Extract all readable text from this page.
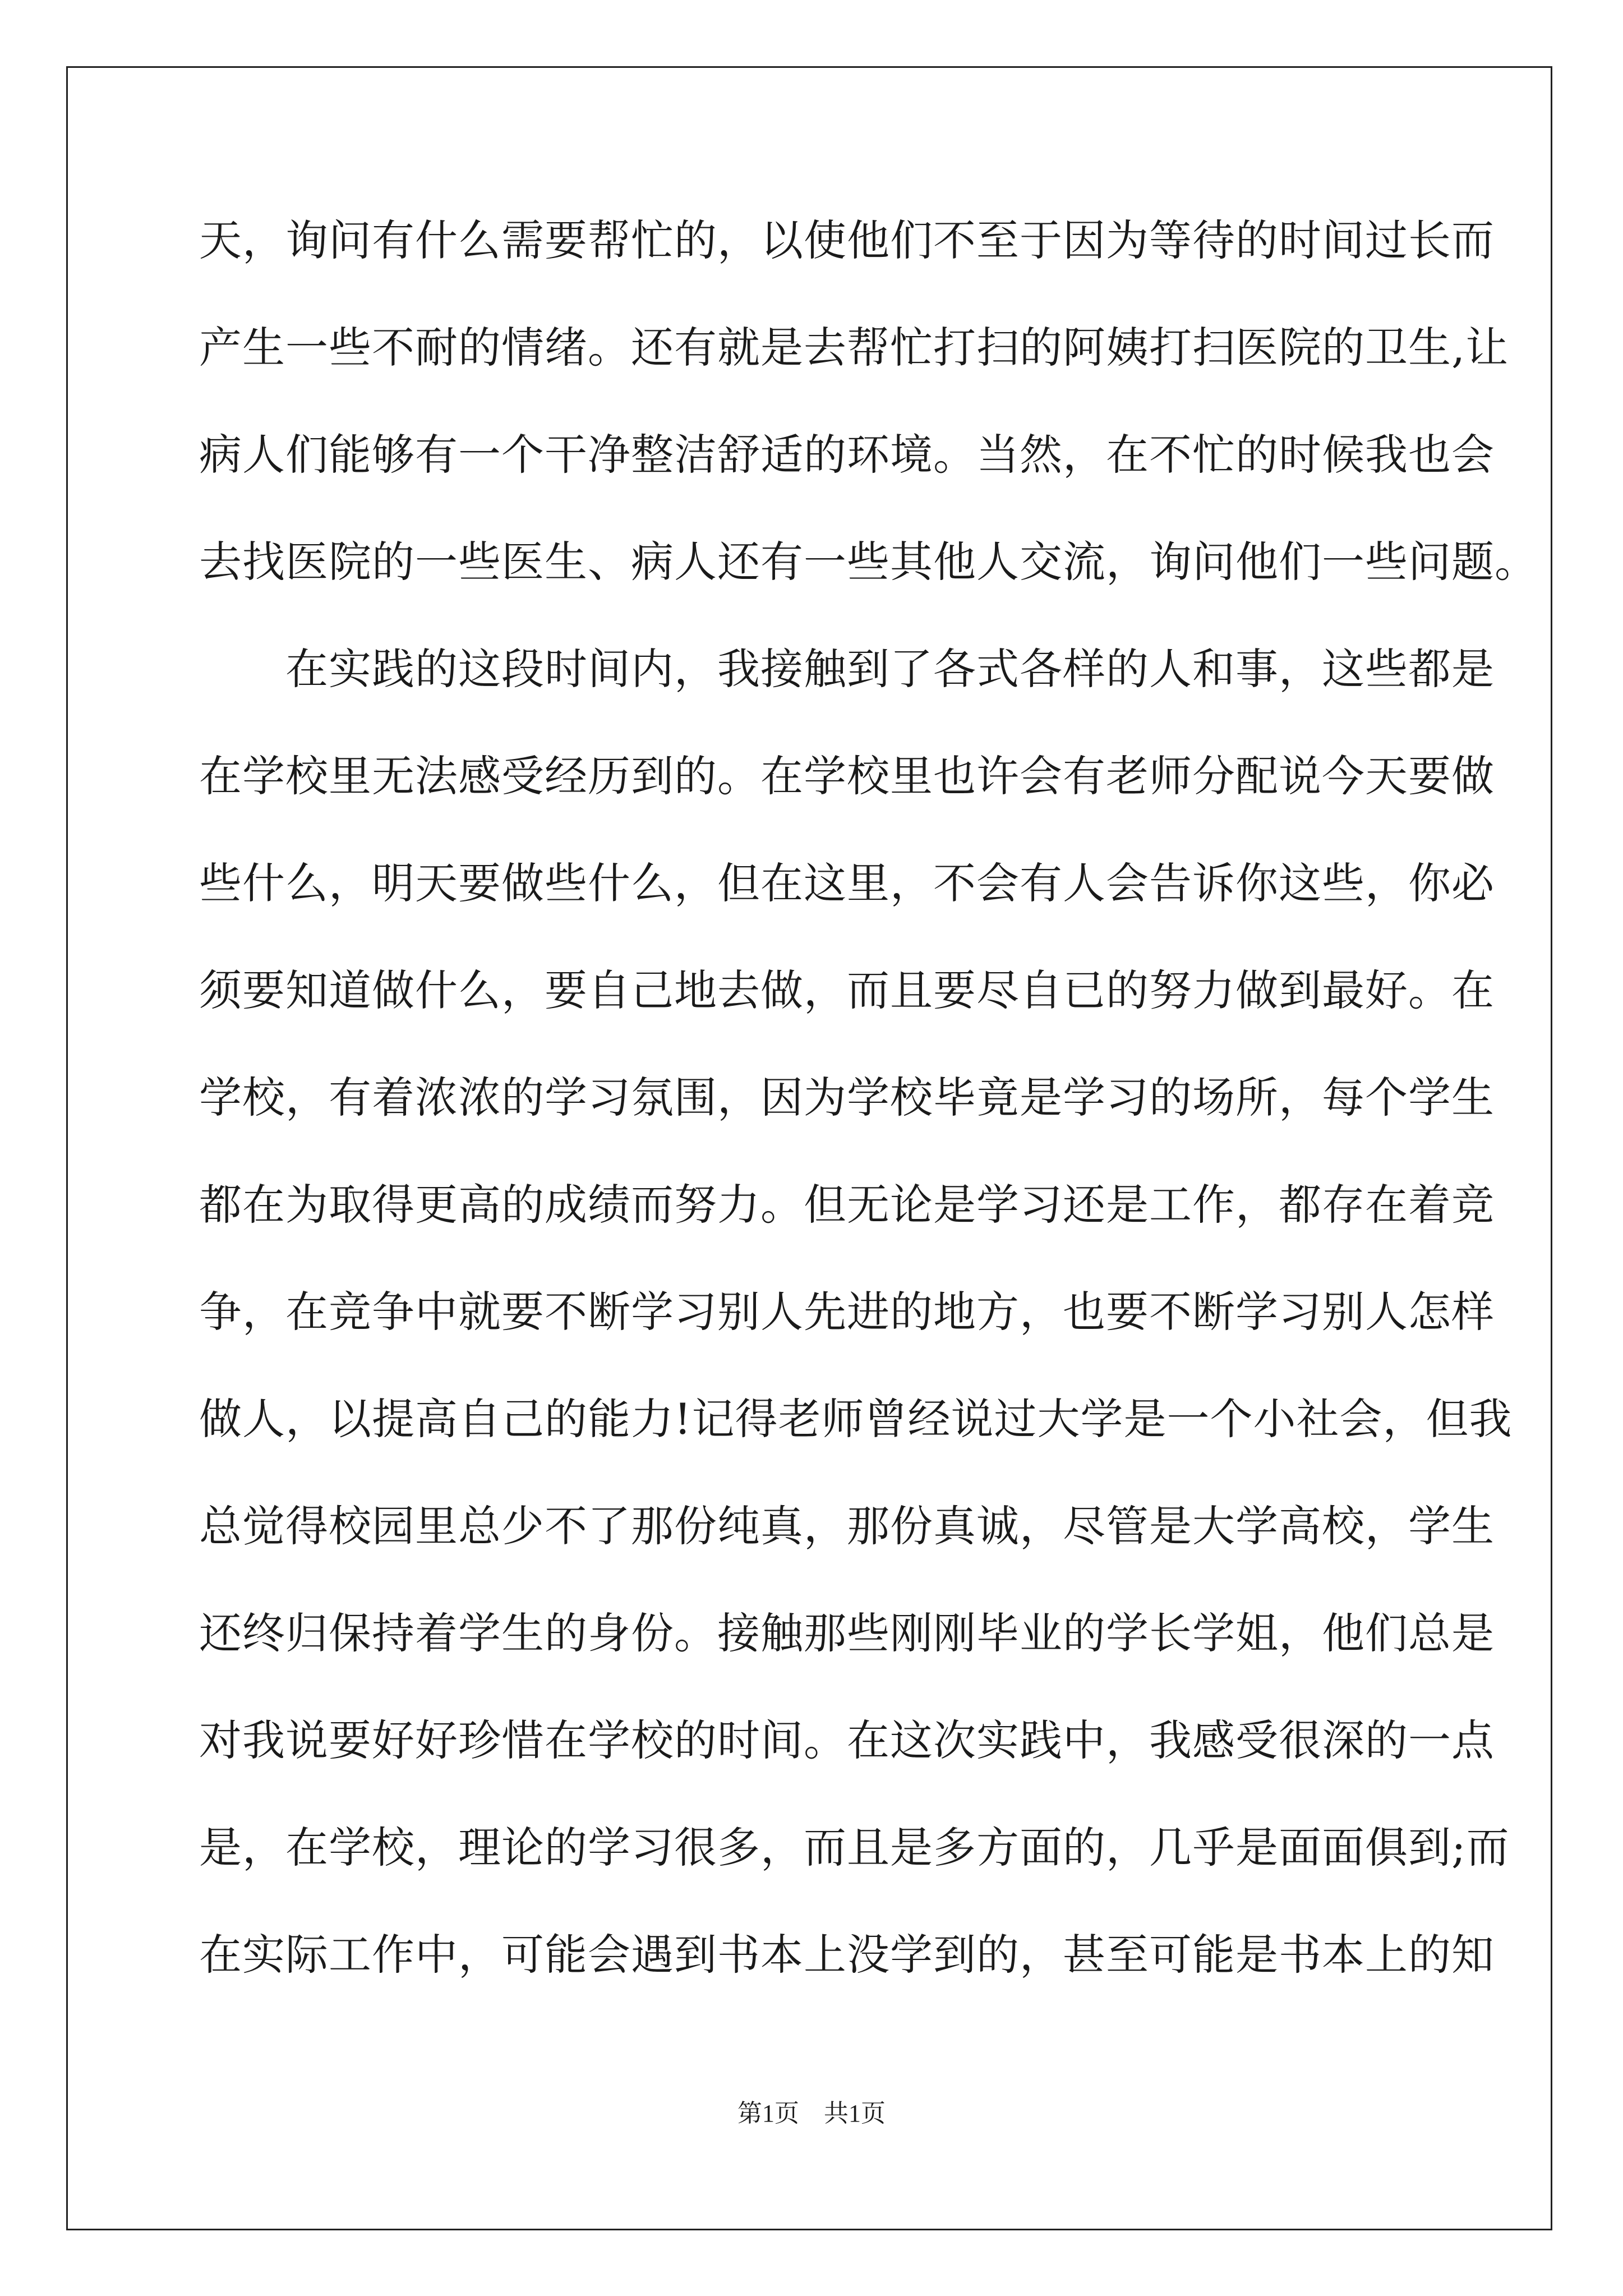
天，询问有什么需要帮忙的，以使他们不至于因为等待的时间过长而
产生一些不耐的情绪。还有就是去帮忙打扫的阿姨打扫医院的卫生,让
病人们能够有一个干净整洁舒适的环境。当然，在不忙的时候我也会
去找医院的一些医生、病人还有一些其他人交流，询问他们一些问题。
　　在实践的这段时间内，我接触到了各式各样的人和事，这些都是
在学校里无法感受经历到的。在学校里也许会有老师分配说今天要做
些什么，明天要做些什么，但在这里，不会有人会告诉你这些，你必
须要知道做什么，要自己地去做，而且要尽自已的努力做到最好。在
学校，有着浓浓的学习氛围，因为学校毕竟是学习的场所，每个学生
都在为取得更高的成绩而努力。但无论是学习还是工作，都存在着竞
争，在竞争中就要不断学习别人先进的地方，也要不断学习别人怎样
做人，以提高自己的能力!记得老师曾经说过大学是一个小社会，但我
总觉得校园里总少不了那份纯真，那份真诚，尽管是大学高校，学生
还终归保持着学生的身份。接触那些刚刚毕业的学长学姐，他们总是
对我说要好好珍惜在学校的时间。在这次实践中，我感受很深的一点
是，在学校，理论的学习很多，而且是多方面的，几乎是面面俱到;而
在实际工作中，可能会遇到书本上没学到的，甚至可能是书本上的知
第1页　共1页
